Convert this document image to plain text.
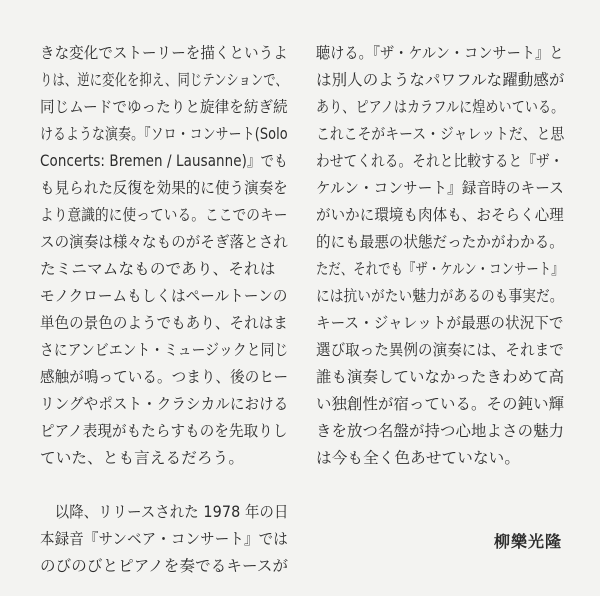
きな変化でストーリーを描くというよ
りは、逆に変化を抑え、同じテンションで、
同じムードでゆったりと旋律を紡ぎ続
けるような演奏。『ソロ・コンサート(Solo
Concerts: Bremen / Lausanne)』でも
も見られた反復を効果的に使う演奏を
より意識的に使っている。ここでのキー
スの演奏は様々なものがそぎ落とされ
たミニマムなものであり、それは
モノクロームもしくはペールトーンの
単色の景色のようでもあり、それはま
さにアンビエント・ミュージックと同じ
感触が鳴っている。つまり、後のヒー
リングやポスト・クラシカルにおける
ピアノ表現がもたらすものを先取りし
ていた、とも言えるだろう。
以降、リリースされた 1978 年の日
本録音『サンベア・コンサート』では
のびのびとピアノを奏でるキースが
聴ける。『ザ・ケルン・コンサート』と
は別人のようなパワフルな躍動感が
あり、ピアノはカラフルに煌めいている。
これこそがキース・ジャレットだ、と思
わせてくれる。それと比較すると『ザ・
ケルン・コンサート』録音時のキース
がいかに環境も肉体も、おそらく心理
的にも最悪の状態だったかがわかる。
ただ、それでも『ザ・ケルン・コンサート』
には抗いがたい魅力があるのも事実だ。
キース・ジャレットが最悪の状況下で
選び取った異例の演奏には、それまで
誰も演奏していなかったきわめて高
い独創性が宿っている。その鈍い輝
きを放つ名盤が持つ心地よさの魅力
は今も全く色あせていない。
柳樂光隆
